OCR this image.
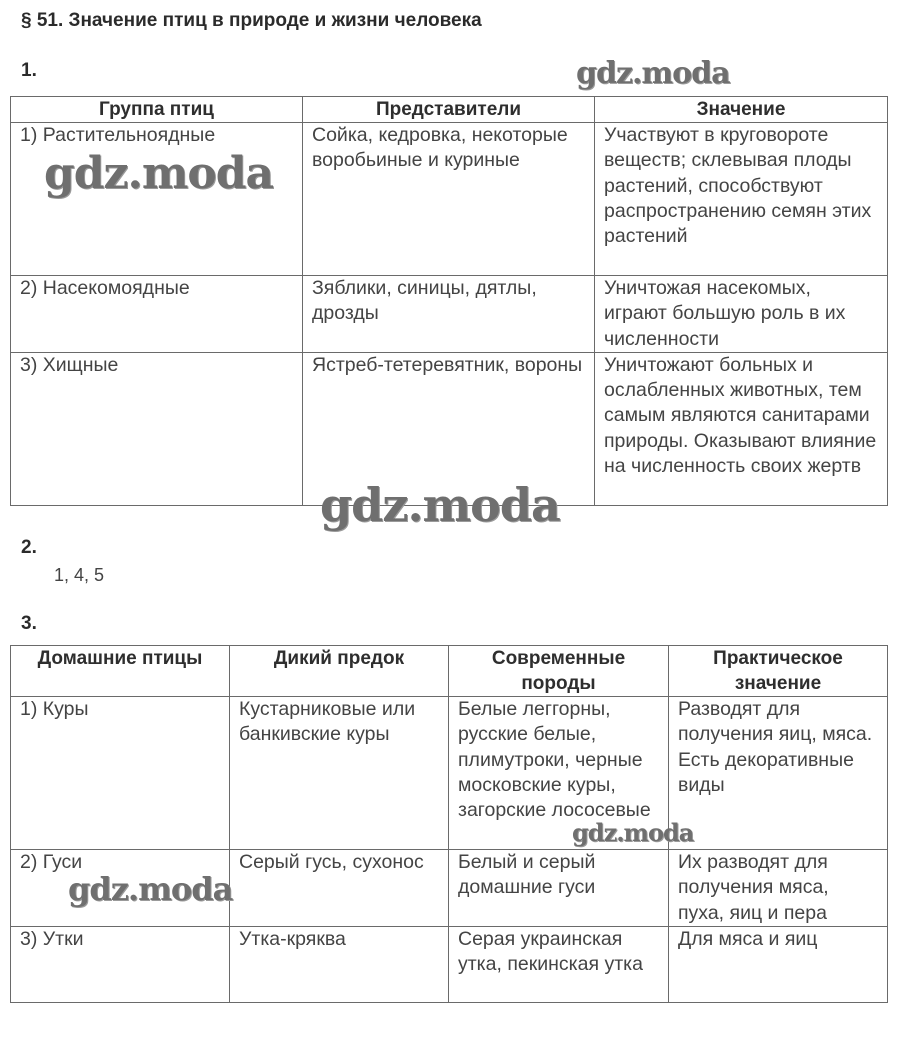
§ 51. Значение птиц в природе и жизни человека
1.
Группа птиц	Представители	Значение
1) Растительноядные	Сойка, кедровка, некоторые воробьиные и куриные	Участвуют в круговороте веществ; склевывая плоды растений, способствуют распространению семян этих растений
2) Насекомоядные	Зяблики, синицы, дятлы, дрозды	Уничтожая насекомых, играют большую роль в их численности
3) Хищные	Ястреб-тетеревятник, вороны	Уничтожают больных и ослабленных животных, тем самым являются санитарами природы. Оказывают влияние на численность своих жертв
2.
1, 4, 5
3.
Домашние птицы	Дикий предок	Современные породы	Практическое значение
1) Куры	Кустарниковые или банкивские куры	Белые леггорны, русские белые, плимутроки, черные московские куры, загорские лососевые	Разводят для получения яиц, мяса. Есть декоративные виды
2) Гуси	Серый гусь, сухонос	Белый и серый домашние гуси	Их разводят для получения мяса, пуха, яиц и пера
3) Утки	Утка-кряква	Серая украинская утка, пекинская утка	Для мяса и яиц
gdz.moda
gdz.moda
gdz.moda
gdz.moda
gdz.moda
